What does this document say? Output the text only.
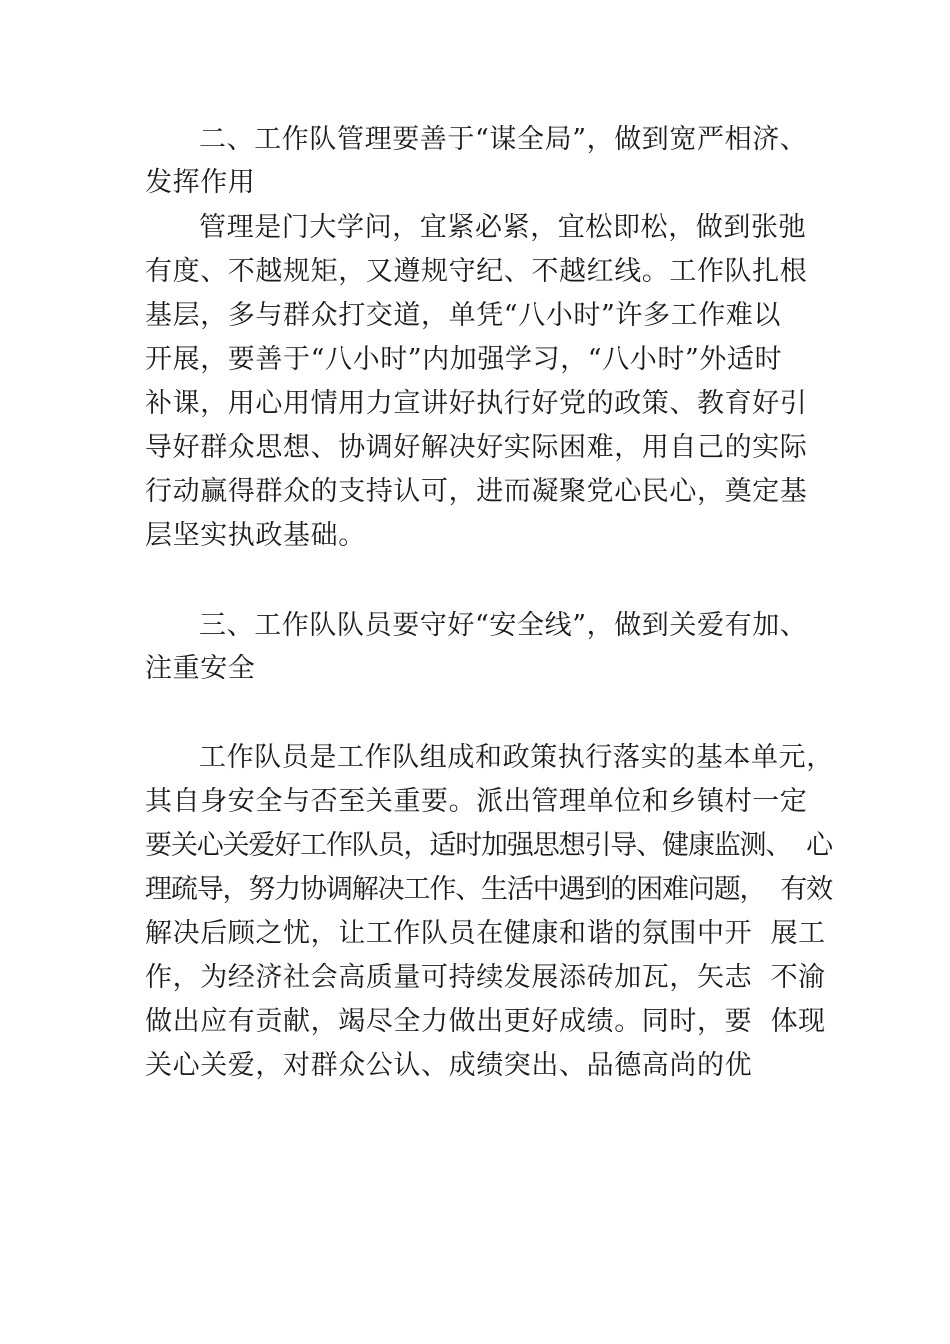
二、工作队管理要善于“谋全局”，做到宽严相济、

发挥作用

管理是门大学问，宜紧必紧，宜松即松，做到张弛

有度、不越规矩，又遵规守纪、不越红线。工作队扎根

基层，多与群众打交道，单凭“八小时”许多工作难以

开展，要善于“八小时”内加强学习，“八小时”外适时

补课，用心用情用力宣讲好执行好党的政策、教育好引

导好群众思想、协调好解决好实际困难，用自己的实际

行动赢得群众的支持认可，进而凝聚党心民心，奠定基

层坚实执政基础。

三、工作队队员要守好“安全线”，做到关爱有加、

注重安全

工作队员是工作队组成和政策执行落实的基本单元，

其自身安全与否至关重要。派出管理单位和乡镇村一定

要关心关爱好工作队员，适时加强思想引导、健康监测、  心

理疏导，努力协调解决工作、生活中遇到的困难问题，  有效

解决后顾之忧，让工作队员在健康和谐的氛围中开  展工

作，为经济社会高质量可持续发展添砖加瓦，矢志  不渝

做出应有贡献，竭尽全力做出更好成绩。同时，要  体现

关心关爱，对群众公认、成绩突出、品德高尚的优
